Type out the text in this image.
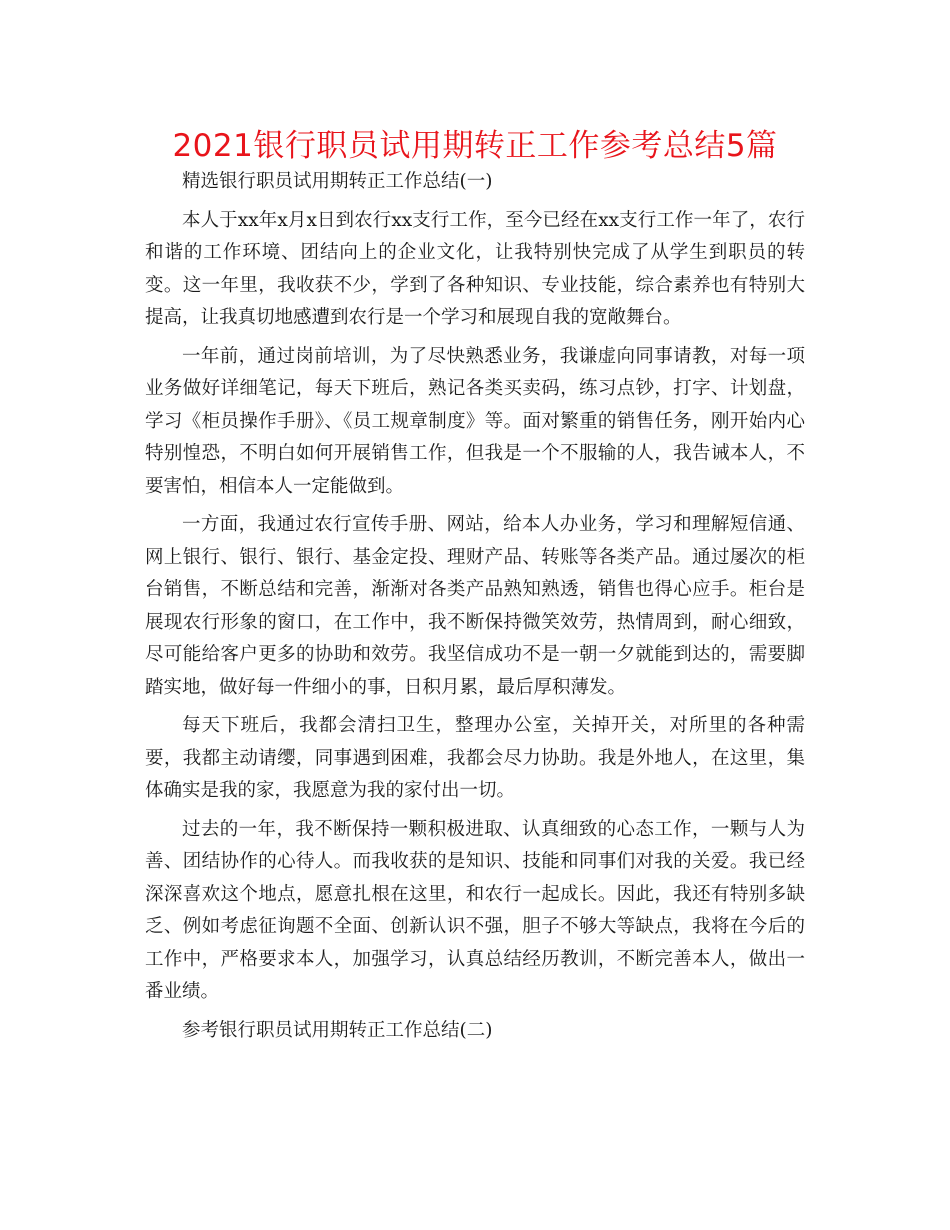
2021银行职员试用期转正工作参考总结5篇

精选银行职员试用期转正工作总结(一)

本人于xx年x月x日到农行xx支行工作，至今已经在xx支行工作一年了，农行和谐的工作环境、团结向上的企业文化，让我特别快完成了从学生到职员的转变。这一年里，我收获不少，学到了各种知识、专业技能，综合素养也有特别大提高，让我真切地感遭到农行是一个学习和展现自我的宽敞舞台。

一年前，通过岗前培训，为了尽快熟悉业务，我谦虚向同事请教，对每一项业务做好详细笔记，每天下班后，熟记各类买卖码，练习点钞，打字、计划盘，学习《柜员操作手册》、《员工规章制度》等。面对繁重的销售任务，刚开始内心特别惶恐，不明白如何开展销售工作，但我是一个不服输的人，我告诫本人，不要害怕，相信本人一定能做到。

一方面，我通过农行宣传手册、网站，给本人办业务，学习和理解短信通、网上银行、银行、银行、基金定投、理财产品、转账等各类产品。通过屡次的柜台销售，不断总结和完善，渐渐对各类产品熟知熟透，销售也得心应手。柜台是展现农行形象的窗口，在工作中，我不断保持微笑效劳，热情周到，耐心细致，尽可能给客户更多的协助和效劳。我坚信成功不是一朝一夕就能到达的，需要脚踏实地，做好每一件细小的事，日积月累，最后厚积薄发。

每天下班后，我都会清扫卫生，整理办公室，关掉开关，对所里的各种需要，我都主动请缨，同事遇到困难，我都会尽力协助。我是外地人，在这里，集体确实是我的家，我愿意为我的家付出一切。

过去的一年，我不断保持一颗积极进取、认真细致的心态工作，一颗与人为善、团结协作的心待人。而我收获的是知识、技能和同事们对我的关爱。我已经深深喜欢这个地点，愿意扎根在这里，和农行一起成长。因此，我还有特别多缺乏、例如考虑征询题不全面、创新认识不强，胆子不够大等缺点，我将在今后的工作中，严格要求本人，加强学习，认真总结经历教训，不断完善本人，做出一番业绩。

参考银行职员试用期转正工作总结(二)
